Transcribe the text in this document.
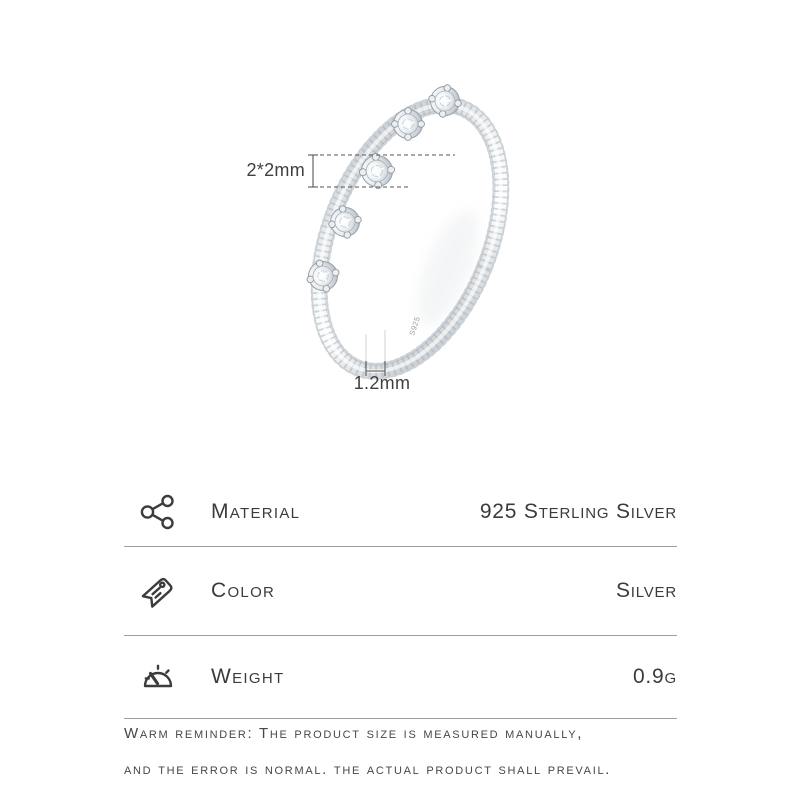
S925
2*2mm
1.2mm
Material	925 Sterling Silver
Color	Silver
Weight	0.9g

Warm reminder: The product size is measured manually,

and the error is normal. the actual product shall prevail.
